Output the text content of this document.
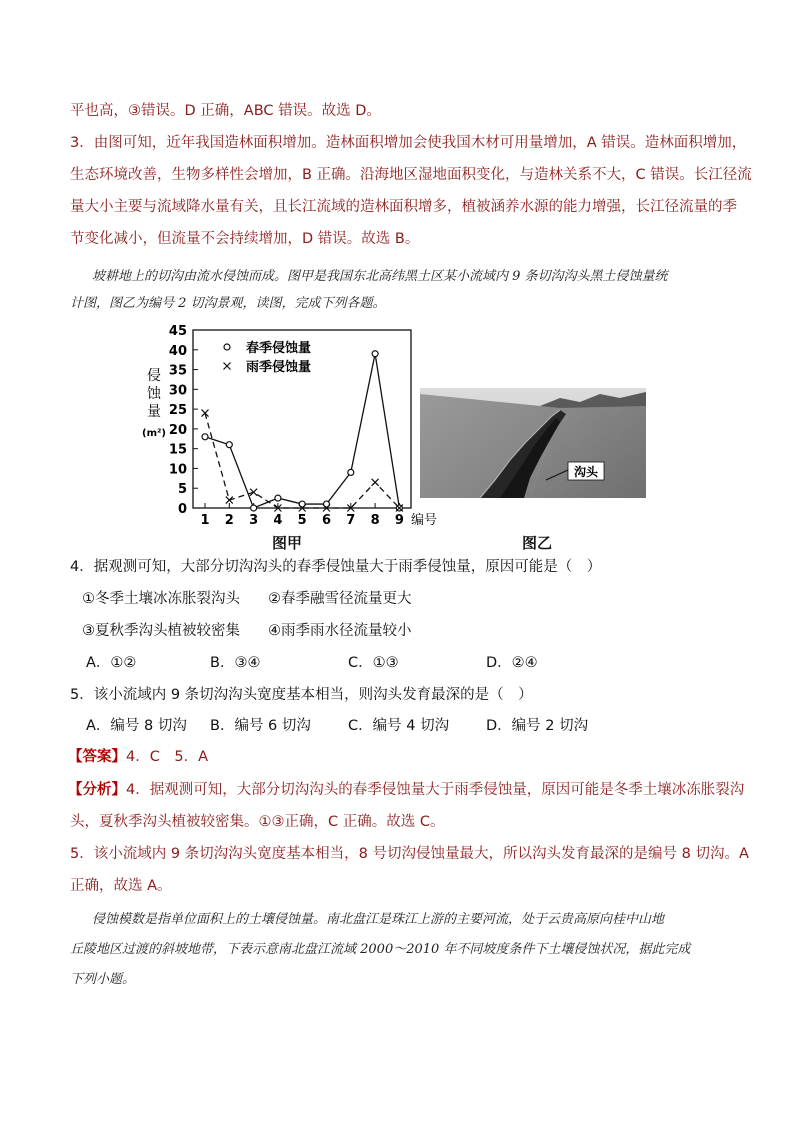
平也高，③错误。D 正确，ABC 错误。故选 D。
3．由图可知，近年我国造林面积增加。造林面积增加会使我国木材可用量增加，A 错误。造林面积增加，
生态环境改善，生物多样性会增加，B 正确。沿海地区湿地面积变化，与造林关系不大，C 错误。长江径流
量大小主要与流域降水量有关，且长江流域的造林面积增多，植被涵养水源的能力增强，长江径流量的季
节变化减小，但流量不会持续增加，D 错误。故选 B。
坡耕地上的切沟由流水侵蚀而成。图甲是我国东北高纬黑土区某小流域内 9 条切沟沟头黑土侵蚀量统
计图，图乙为编号 2 切沟景观，读图，完成下列各题。
0
5
10
15
20
25
30
35
40
45
1 2 3 4 5 6 7 8 9
侵
蚀
量
(m²)
编号
春季侵蚀量
雨季侵蚀量
图甲
沟头
图乙
4．据观测可知，大部分切沟沟头的春季侵蚀量大于雨季侵蚀量，原因可能是（　）
①冬季土壤冰冻胀裂沟头 ②春季融雪径流量更大
③夏秋季沟头植被较密集 ④雨季雨水径流量较小
A．①②	B．③④	C．①③	D．②④
5．该小流域内 9 条切沟沟头宽度基本相当，则沟头发育最深的是（　）
A．编号 8 切沟 B．编号 6 切沟	C．编号 4 切沟	D．编号 2 切沟
【答案】4．C　5．A
【分析】4．据观测可知，大部分切沟沟头的春季侵蚀量大于雨季侵蚀量，原因可能是冬季土壤冰冻胀裂沟
头，夏秋季沟头植被较密集。①③正确，C 正确。故选 C。
5．该小流域内 9 条切沟沟头宽度基本相当，8 号切沟侵蚀量最大，所以沟头发育最深的是编号 8 切沟。A
正确，故选 A。
侵蚀模数是指单位面积上的土壤侵蚀量。南北盘江是珠江上游的主要河流，处于云贵高原向桂中山地
丘陵地区过渡的斜坡地带，下表示意南北盘江流域 2000～2010 年不同坡度条件下土壤侵蚀状况，据此完成
下列小题。
